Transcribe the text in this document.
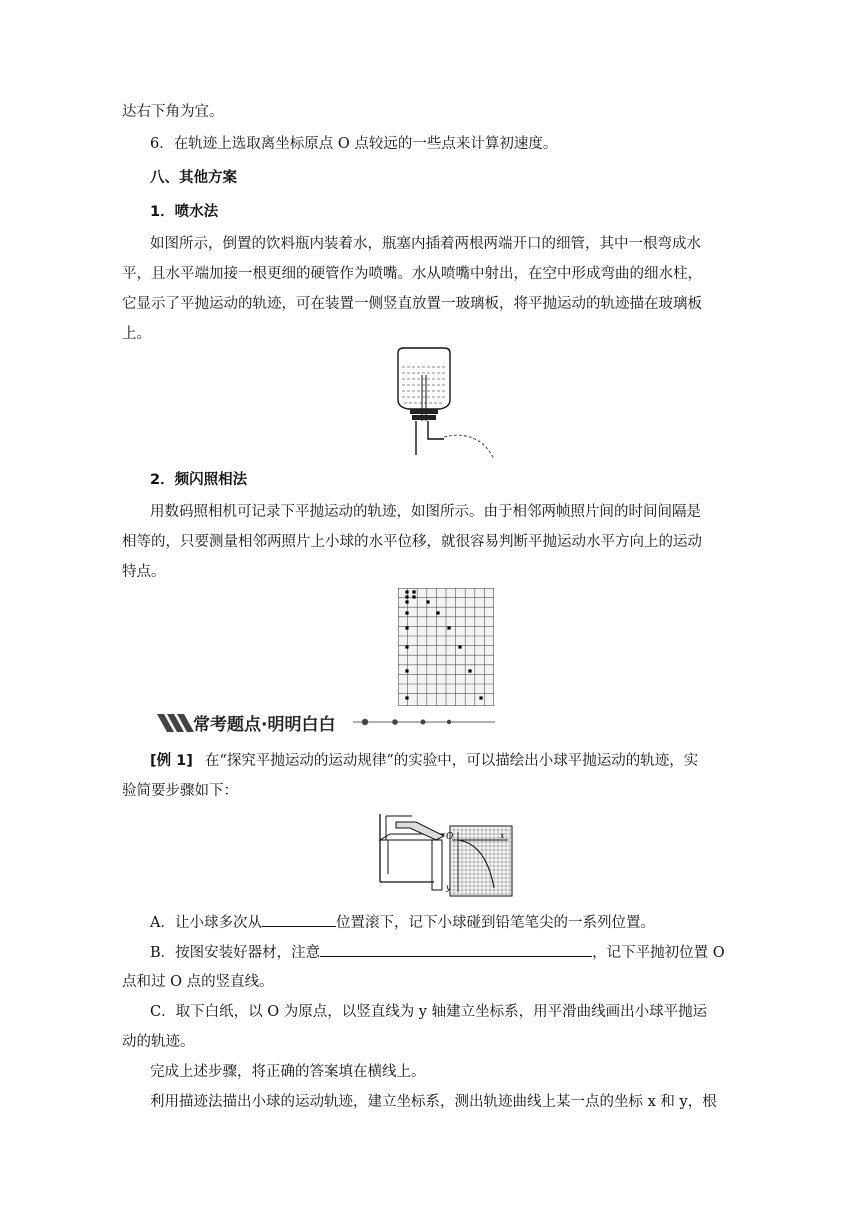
达右下角为宜。
6．在轨迹上选取离坐标原点 O 点较远的一些点来计算初速度。
八、其他方案
1．喷水法
如图所示，倒置的饮料瓶内装着水，瓶塞内插着两根两端开口的细管，其中一根弯成水
平，且水平端加接一根更细的硬管作为喷嘴。水从喷嘴中射出，在空中形成弯曲的细水柱，
它显示了平抛运动的轨迹，可在装置一侧竖直放置一玻璃板，将平抛运动的轨迹描在玻璃板
上。
2．频闪照相法
用数码照相机可记录下平抛运动的轨迹，如图所示。由于相邻两帧照片间的时间间隔是
相等的，只要测量相邻两照片上小球的水平位移，就很容易判断平抛运动水平方向上的运动
特点。
常考题点·明明白白
[例 1] 在“探究平抛运动的运动规律”的实验中，可以描绘出小球平抛运动的轨迹，实
验简要步骤如下：
O	x
y
A．让小球多次从	位置滚下，记下小球碰到铅笔笔尖的一系列位置。
B．按图安装好器材，注意	，记下平抛初位置 O
点和过 O 点的竖直线。
C．取下白纸，以 O 为原点，以竖直线为 y 轴建立坐标系，用平滑曲线画出小球平抛运
动的轨迹。
完成上述步骤，将正确的答案填在横线上。
利用描迹法描出小球的运动轨迹，建立坐标系，测出轨迹曲线上某一点的坐标 x 和 y，根
